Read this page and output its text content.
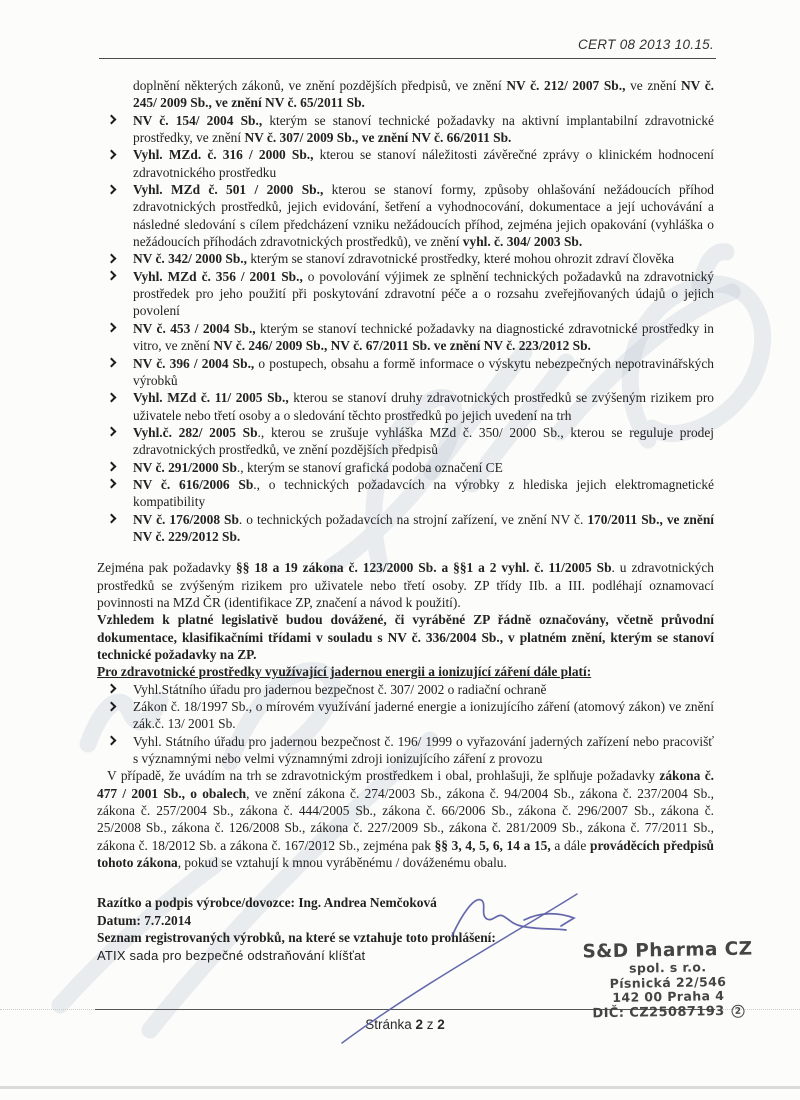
CERT 08 2013 10.15.
doplnění některých zákonů, ve znění pozdějších předpisů, ve znění NV č. 212/ 2007 Sb., ve znění NV č. 245/ 2009 Sb., ve znění NV č. 65/2011 Sb.
NV č. 154/ 2004 Sb., kterým se stanoví technické požadavky na aktivní implantabilní zdravotnické prostředky, ve znění NV č. 307/ 2009 Sb., ve znění NV č. 66/2011 Sb.
Vyhl. MZd. č. 316 / 2000 Sb., kterou se stanoví náležitosti závěrečné zprávy o klinickém hodnocení zdravotnického prostředku
Vyhl. MZd č. 501 / 2000 Sb., kterou se stanoví formy, způsoby ohlašování nežádoucích příhod zdravotnických prostředků, jejich evidování, šetření a vyhodnocování, dokumentace a její uchovávání a následné sledování s cílem předcházení vzniku nežádoucích příhod, zejména jejich opakování (vyhláška o nežádoucích příhodách zdravotnických prostředků), ve znění vyhl. č. 304/ 2003 Sb.
NV č. 342/ 2000 Sb., kterým se stanoví zdravotnické prostředky, které mohou ohrozit zdraví člověka
Vyhl. MZd č. 356 / 2001 Sb., o povolování výjimek ze splnění technických požadavků na zdravotnický prostředek pro jeho použití při poskytování zdravotní péče a o rozsahu zveřejňovaných údajů o jejich povolení
NV č. 453 / 2004 Sb., kterým se stanoví technické požadavky na diagnostické zdravotnické prostředky in vitro, ve znění NV č. 246/ 2009 Sb., NV č. 67/2011 Sb. ve znění NV č. 223/2012 Sb.
NV č. 396 / 2004 Sb., o postupech, obsahu a formě informace o výskytu nebezpečných nepotravinářských výrobků
Vyhl. MZd č. 11/ 2005 Sb., kterou se stanoví druhy zdravotnických prostředků se zvýšeným rizikem pro uživatele nebo třetí osoby a o sledování těchto prostředků po jejich uvedení na trh
Vyhl.č. 282/ 2005 Sb., kterou se zrušuje vyhláška MZd č. 350/ 2000 Sb., kterou se reguluje prodej zdravotnických prostředků, ve znění pozdějších předpisů
NV č. 291/2000 Sb., kterým se stanoví grafická podoba označení CE
NV č. 616/2006 Sb., o technických požadavcích na výrobky z hlediska jejich elektromagnetické kompatibility
NV č. 176/2008 Sb. o technických požadavcích na strojní zařízení, ve znění NV č. 170/2011 Sb., ve znění NV č. 229/2012 Sb.

Zejména pak požadavky §§ 18 a 19 zákona č. 123/2000 Sb. a §§1 a 2 vyhl. č. 11/2005 Sb. u zdravotnických prostředků se zvýšeným rizikem pro uživatele nebo třetí osoby. ZP třídy IIb. a III. podléhají oznamovací povinnosti na MZd ČR (identifikace ZP, značení a návod k použití).

Vzhledem k platné legislativě budou dovážené, či vyráběné ZP řádně označovány, včetně průvodní dokumentace, klasifikačními třídami v souladu s NV č. 336/2004 Sb., v platném znění, kterým se stanoví technické požadavky na ZP.

Pro zdravotnické prostředky využívající jadernou energii a ionizující záření dále platí:

Vyhl.Státního úřadu pro jadernou bezpečnost č. 307/ 2002 o radiační ochraně
Zákon č. 18/1997 Sb., o mírovém využívání jaderné energie a ionizujícího záření (atomový zákon) ve znění zák.č. 13/ 2001 Sb.
Vyhl. Státního úřadu pro jadernou bezpečnost č. 196/ 1999 o vyřazování jaderných zařízení nebo pracovišť s významnými nebo velmi významnými zdroji ionizujícího záření z provozu

V případě, že uvádím na trh se zdravotnickým prostředkem i obal, prohlašuji, že splňuje požadavky zákona č. 477 / 2001 Sb., o obalech, ve znění zákona č. 274/2003 Sb., zákona č. 94/2004 Sb., zákona č. 237/2004 Sb., zákona č. 257/2004 Sb., zákona č. 444/2005 Sb., zákona č. 66/2006 Sb., zákona č. 296/2007 Sb., zákona č. 25/2008 Sb., zákona č. 126/2008 Sb., zákona č. 227/2009 Sb., zákona č. 281/2009 Sb., zákona č. 77/2011 Sb., zákona č. 18/2012 Sb. a zákona č. 167/2012 Sb., zejména pak §§ 3, 4, 5, 6, 14 a 15, a dále prováděcích předpisů tohoto zákona, pokud se vztahují k mnou vyráběnému / dováženému obalu.

Razítko a podpis výrobce/dovozce: Ing. Andrea Nemčoková
Datum: 7.7.2014
Seznam registrovaných výrobků, na které se vztahuje toto prohlášení:
ATIX sada pro bezpečné odstraňování klíšťat	S&D Pharma CZ
spol. s r.o.
Písnická 22/546
142 00 Praha 4
DIČ: CZ25087193 2
Stránka 2 z 2
